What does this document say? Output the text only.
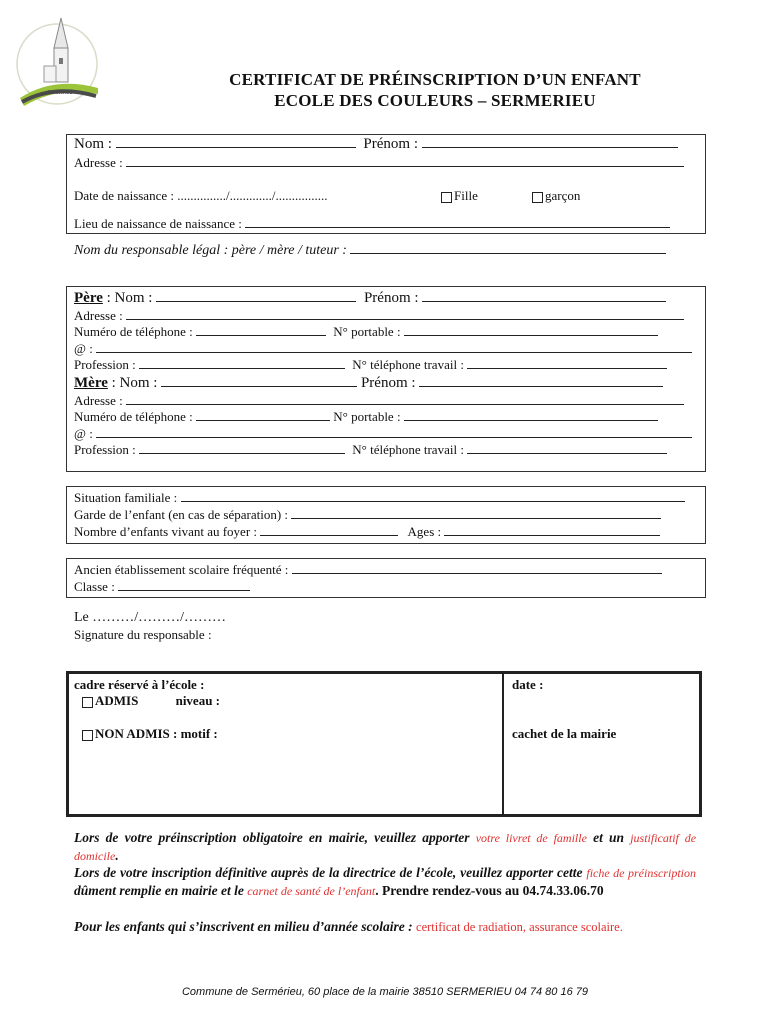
Sermérieu
CERTIFICAT DE PRÉINSCRIPTION D’UN ENFANT
ECOLE DES COULEURS – SERMERIEU
Nom :	Prénom :
Adresse :
Date de naissance : .............../............./................	Fille	garçon
Lieu de naissance de naissance :
Nom du responsable légal : père / mère / tuteur :
Père : Nom :	Prénom :
Adresse :
Numéro de téléphone :	N° portable :
@ :
Profession :	N° téléphone travail :
Mère : Nom :	Prénom :
Adresse :
Numéro de téléphone :	N° portable :
@ :
Profession :	N° téléphone travail :
Situation familiale :
Garde de l’enfant (en cas de séparation) :
Nombre d’enfants vivant au foyer :	Ages :
Ancien établissement scolaire fréquenté :
Classe :
Le ………/………/………
Signature du responsable :
cadre réservé à l’école :
ADMIS	niveau :
NON ADMIS : motif :
date :
cachet de la mairie
Lors de votre préinscription obligatoire en mairie, veuillez apporter votre livret de famille et un justificatif de domicile.
Lors de votre inscription définitive auprès de la directrice de l’école, veuillez apporter cette fiche de préinscription dûment remplie en mairie et le carnet de santé de l’enfant. Prendre rendez-vous au 04.74.33.06.70
Pour les enfants qui s’inscrivent en milieu d’année scolaire : certificat de radiation, assurance scolaire.
Commune de Sermérieu, 60 place de la mairie 38510 SERMERIEU 04 74 80 16 79
